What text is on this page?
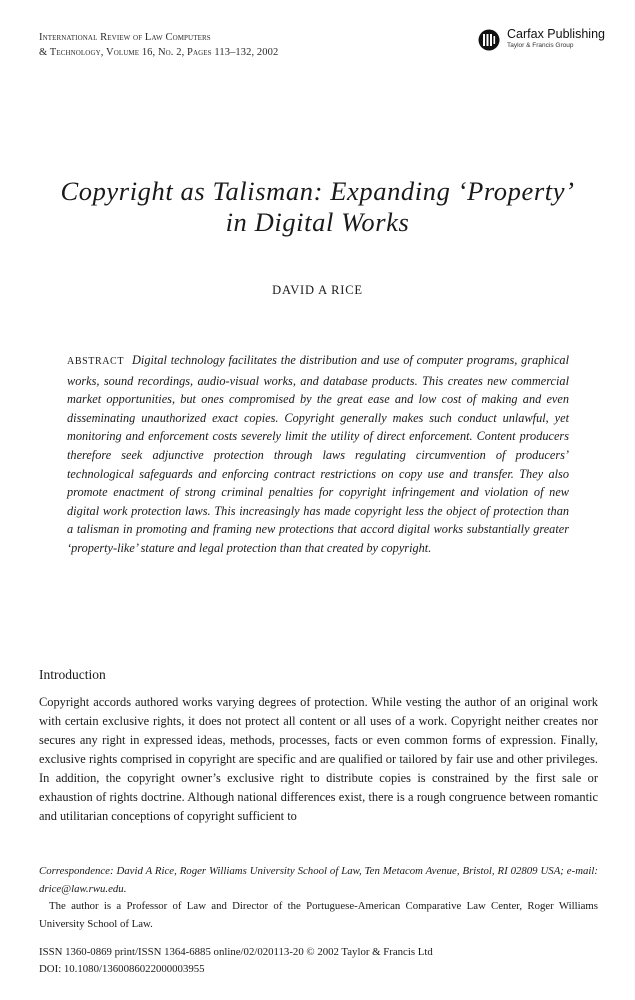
International Review of Law Computers
& Technology, Volume 16, No. 2, Pages 113–132, 2002
Carfax Publishing
Taylor & Francis Group
Copyright as Talisman: Expanding ‘Property’
in Digital Works
DAVID A RICE
ABSTRACT Digital technology facilitates the distribution and use of computer programs, graphical works, sound recordings, audio-visual works, and database products. This creates new commercial market opportunities, but ones compromised by the great ease and low cost of making and even disseminating unauthorized exact copies. Copyright generally makes such conduct unlawful, yet monitoring and enforcement costs severely limit the utility of direct enforcement. Content producers therefore seek adjunctive protection through laws regulating circumvention of producers’ technological safeguards and enforcing contract restrictions on copy use and transfer. They also promote enactment of strong criminal penalties for copyright infringement and violation of new digital work protection laws. This increasingly has made copyright less the object of protection than a talisman in promoting and framing new protections that accord digital works substantially greater ‘property-like’ stature and legal protection than that created by copyright.
Introduction
Copyright accords authored works varying degrees of protection. While vesting the author of an original work with certain exclusive rights, it does not protect all content or all uses of a work. Copyright neither creates nor secures any right in expressed ideas, methods, processes, facts or even common forms of expression. Finally, exclusive rights comprised in copyright are specific and are qualified or tailored by fair use and other privileges. In addition, the copyright owner’s exclusive right to distribute copies is constrained by the first sale or exhaustion of rights doctrine. Although national differences exist, there is a rough congruence between romantic and utilitarian conceptions of copyright sufficient to
Correspondence: David A Rice, Roger Williams University School of Law, Ten Metacom Avenue, Bristol, RI 02809 USA; e-mail: drice@law.rwu.edu.
The author is a Professor of Law and Director of the Portuguese-American Comparative Law Center, Roger Williams University School of Law.
ISSN 1360-0869 print/ISSN 1364-6885 online/02/020113-20 © 2002 Taylor & Francis Ltd
DOI: 10.1080/1360086022000003955
